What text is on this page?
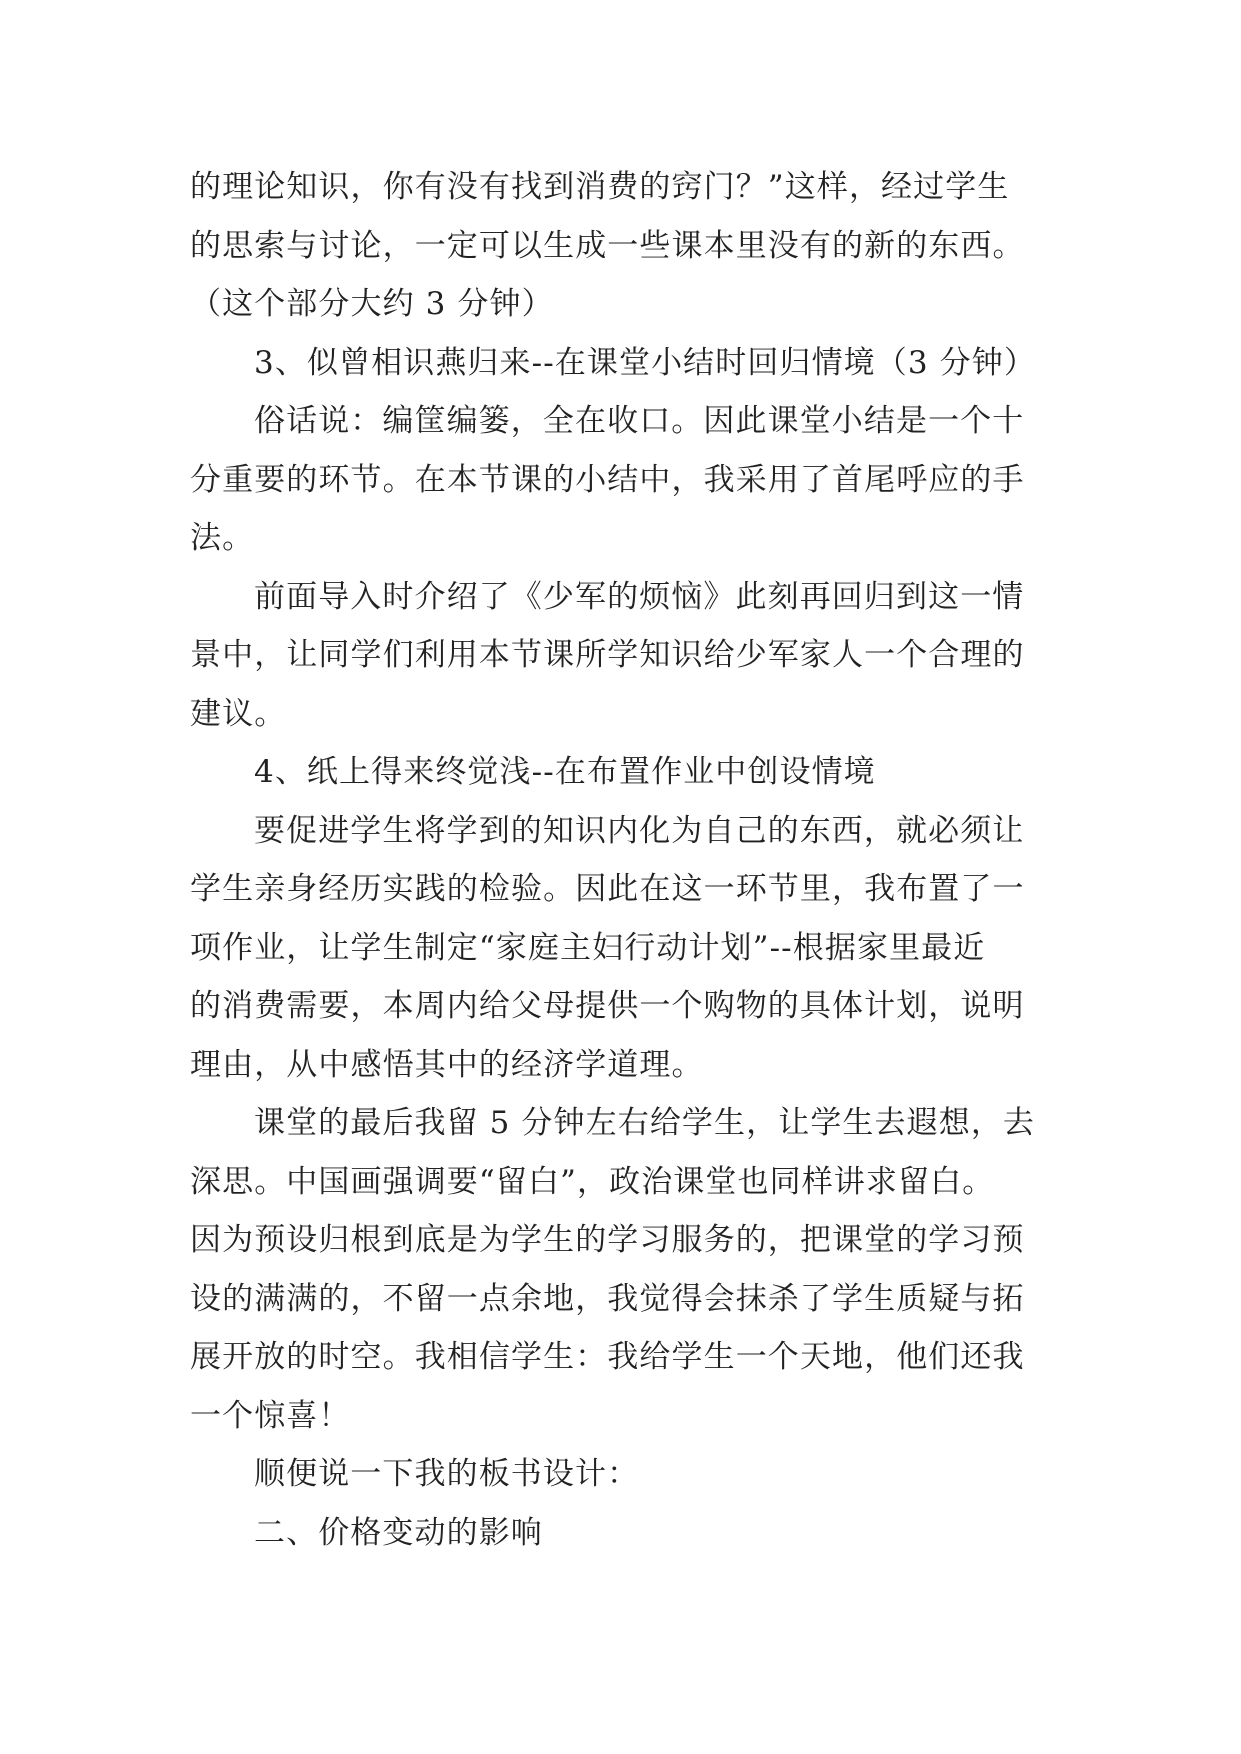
的理论知识，你有没有找到消费的窍门？”这样，经过学生
的思索与讨论，一定可以生成一些课本里没有的新的东西。
（这个部分大约 3 分钟）
3、似曾相识燕归来--在课堂小结时回归情境（3 分钟）
俗话说：编筐编篓，全在收口。因此课堂小结是一个十
分重要的环节。在本节课的小结中，我采用了首尾呼应的手
法。
前面导入时介绍了《少军的烦恼》此刻再回归到这一情
景中，让同学们利用本节课所学知识给少军家人一个合理的
建议。
4、纸上得来终觉浅--在布置作业中创设情境
要促进学生将学到的知识内化为自己的东西，就必须让
学生亲身经历实践的检验。因此在这一环节里，我布置了一
项作业，让学生制定“家庭主妇行动计划”--根据家里最近
的消费需要，本周内给父母提供一个购物的具体计划，说明
理由，从中感悟其中的经济学道理。
课堂的最后我留 5 分钟左右给学生，让学生去遐想，去
深思。中国画强调要“留白”，政治课堂也同样讲求留白。
因为预设归根到底是为学生的学习服务的，把课堂的学习预
设的满满的，不留一点余地，我觉得会抹杀了学生质疑与拓
展开放的时空。我相信学生：我给学生一个天地，他们还我
一个惊喜！
顺便说一下我的板书设计：
二、价格变动的影响
